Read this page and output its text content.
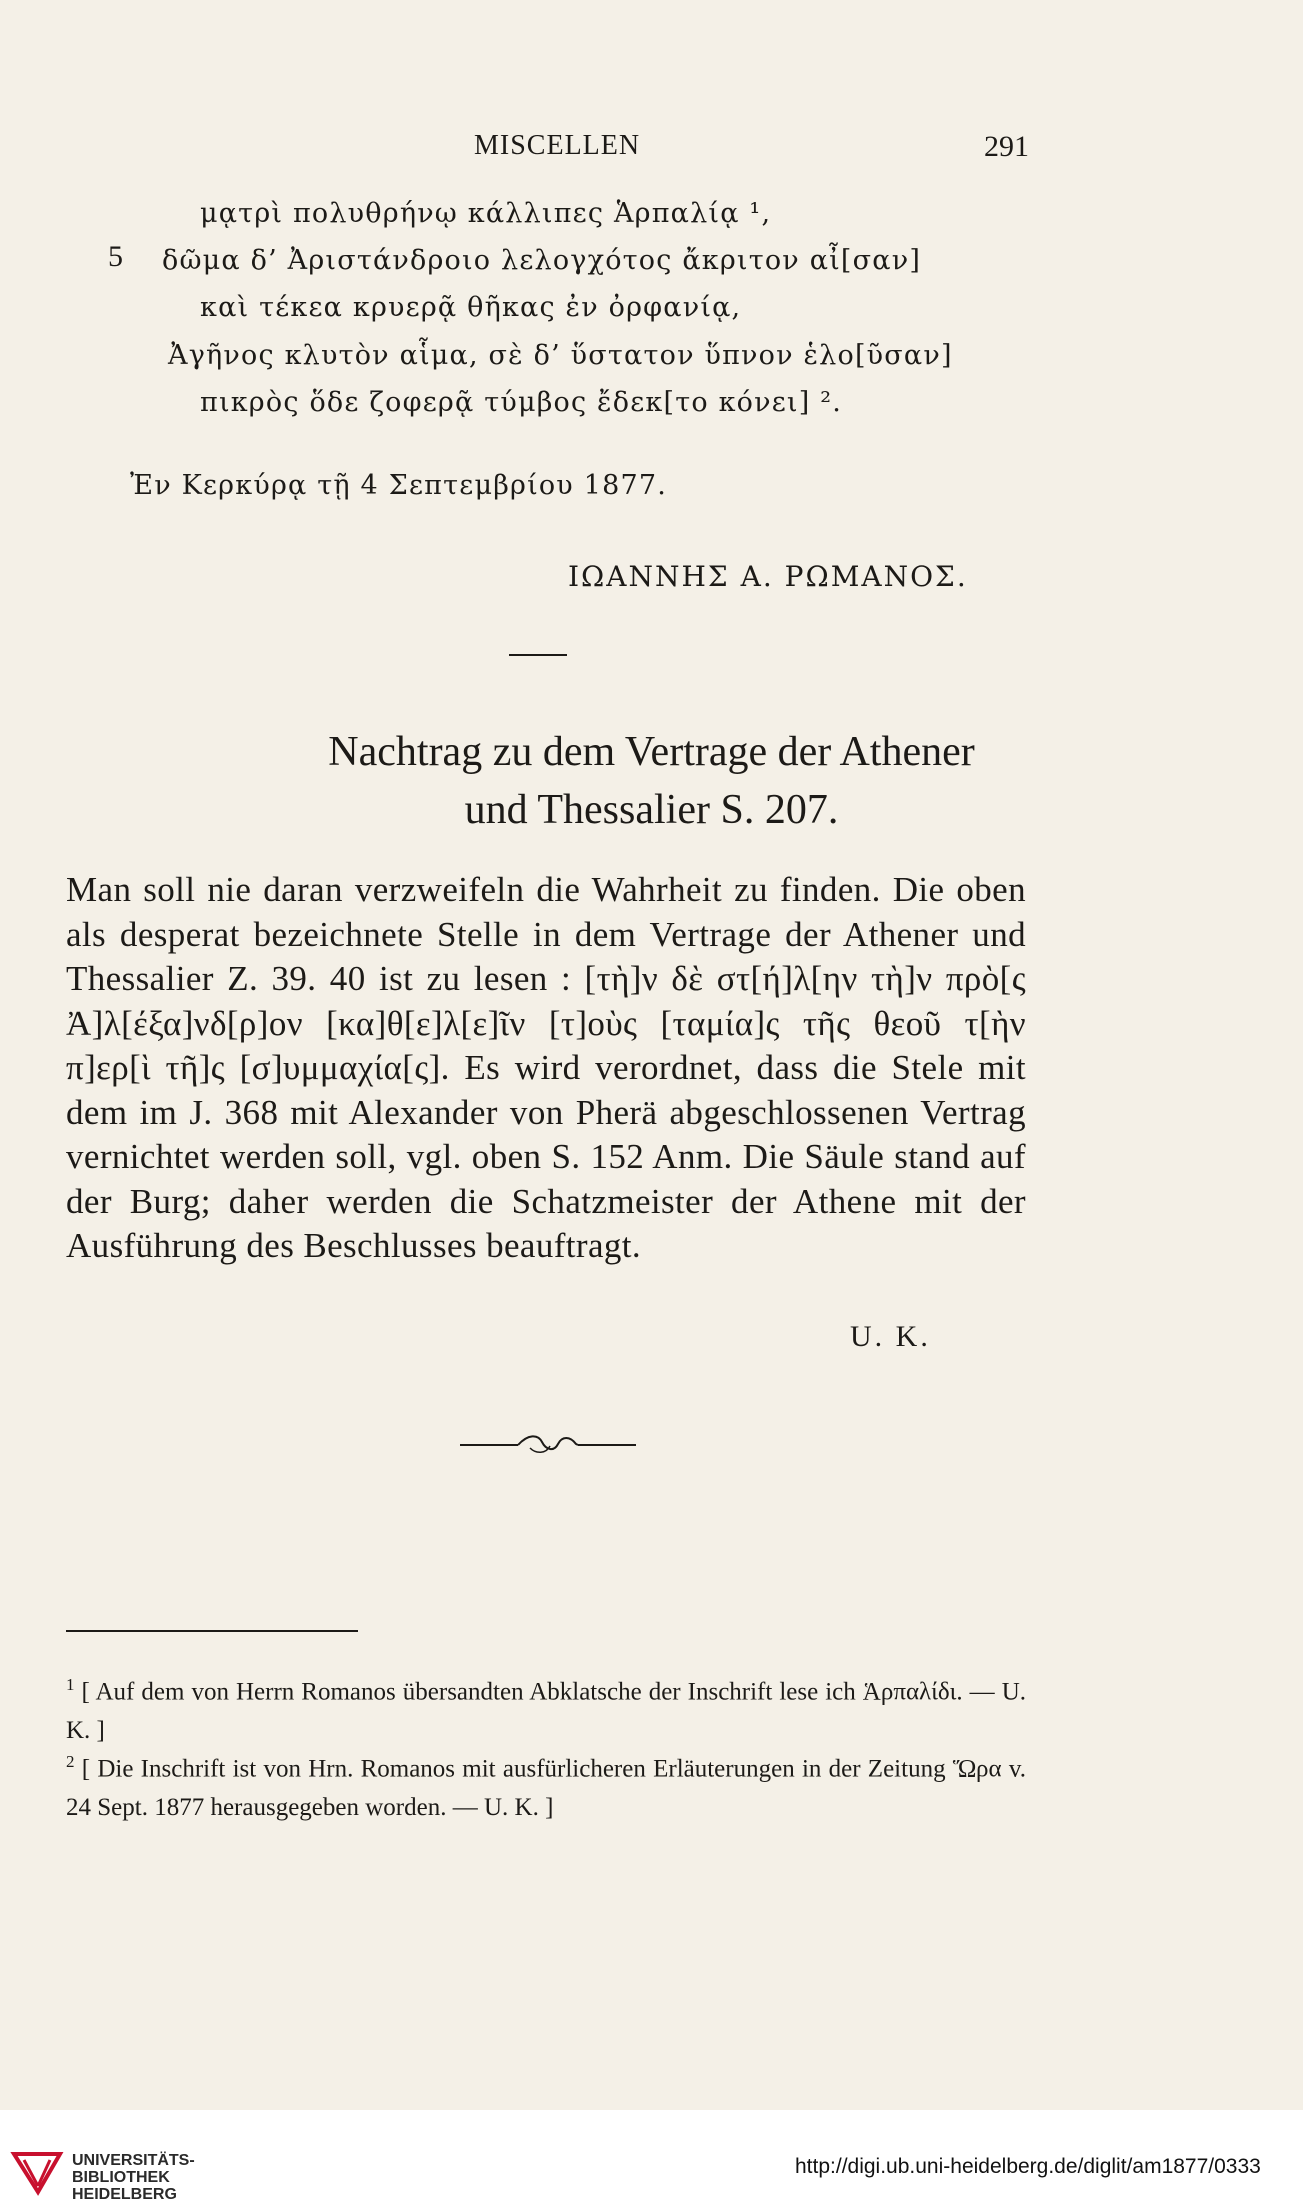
MISCELLEN	291
μᾳτρὶ πολυθρήνῳ κάλλιπες Ἁρπαλίᾳ ¹,
5 δῶμα δ’ Ἀριστάνδροιο λελογχότος ἄκριτον αἶ[σαν]
καὶ τέκεα κρυερᾷ θῆκας ἐν ὀρφανίᾳ,
Ἀγῆνος κλυτὸν αἷμα, σὲ δ’ ὕστατον ὕπνον ἑλο[ῦσαν]
πικρὸς ὅδε ζοφερᾷ τύμβος ἔδεκ[το κόνει] ².
Ἐν Κερκύρᾳ τῇ 4 Σεπτεμβρίου 1877.
ΙΩΑΝΝΗΣ Α. ΡΩΜΑΝΟΣ.
Nachtrag zu dem Vertrage der Athener
und Thessalier S. 207.
Man soll nie daran verzweifeln die Wahrheit zu finden. Die oben als desperat bezeichnete Stelle in dem Vertrage der Athener und Thessalier Z. 39. 40 ist zu lesen : [τὴ]ν δὲ στ[ή]λ[ην τὴ]ν πρὸ[ς Ἀ]λ[έξα]νδ[ρ]ον [κα]θ[ε]λ[ε]ῖν [τ]οὺς [ταμία]ς τῆς θεοῦ τ[ὴν π]ερ[ὶ τῆ]ς [σ]υμμαχία[ς]. Es wird verordnet, dass die Stele mit dem im J. 368 mit Alexander von Pherä abgeschlossenen Vertrag vernichtet werden soll, vgl. oben S. 152 Anm. Die Säule stand auf der Burg; daher werden die Schatzmeister der Athene mit der Ausführung des Beschlusses beauftragt.
U. K.
$^1$ [ Auf dem von Herrn Romanos übersandten Abklatsche der Inschrift lese ich Ἁρπαλίδι. — U. K. ]
$^2$ [ Die Inschrift ist von Hrn. Romanos mit ausfürlicheren Erläuterungen in der Zeitung Ὥρα v. 24 Sept. 1877 herausgegeben worden. — U. K. ]
UNIVERSITÄTS-
BIBLIOTHEK
HEIDELBERG
http://digi.ub.uni-heidelberg.de/diglit/am1877/0333
